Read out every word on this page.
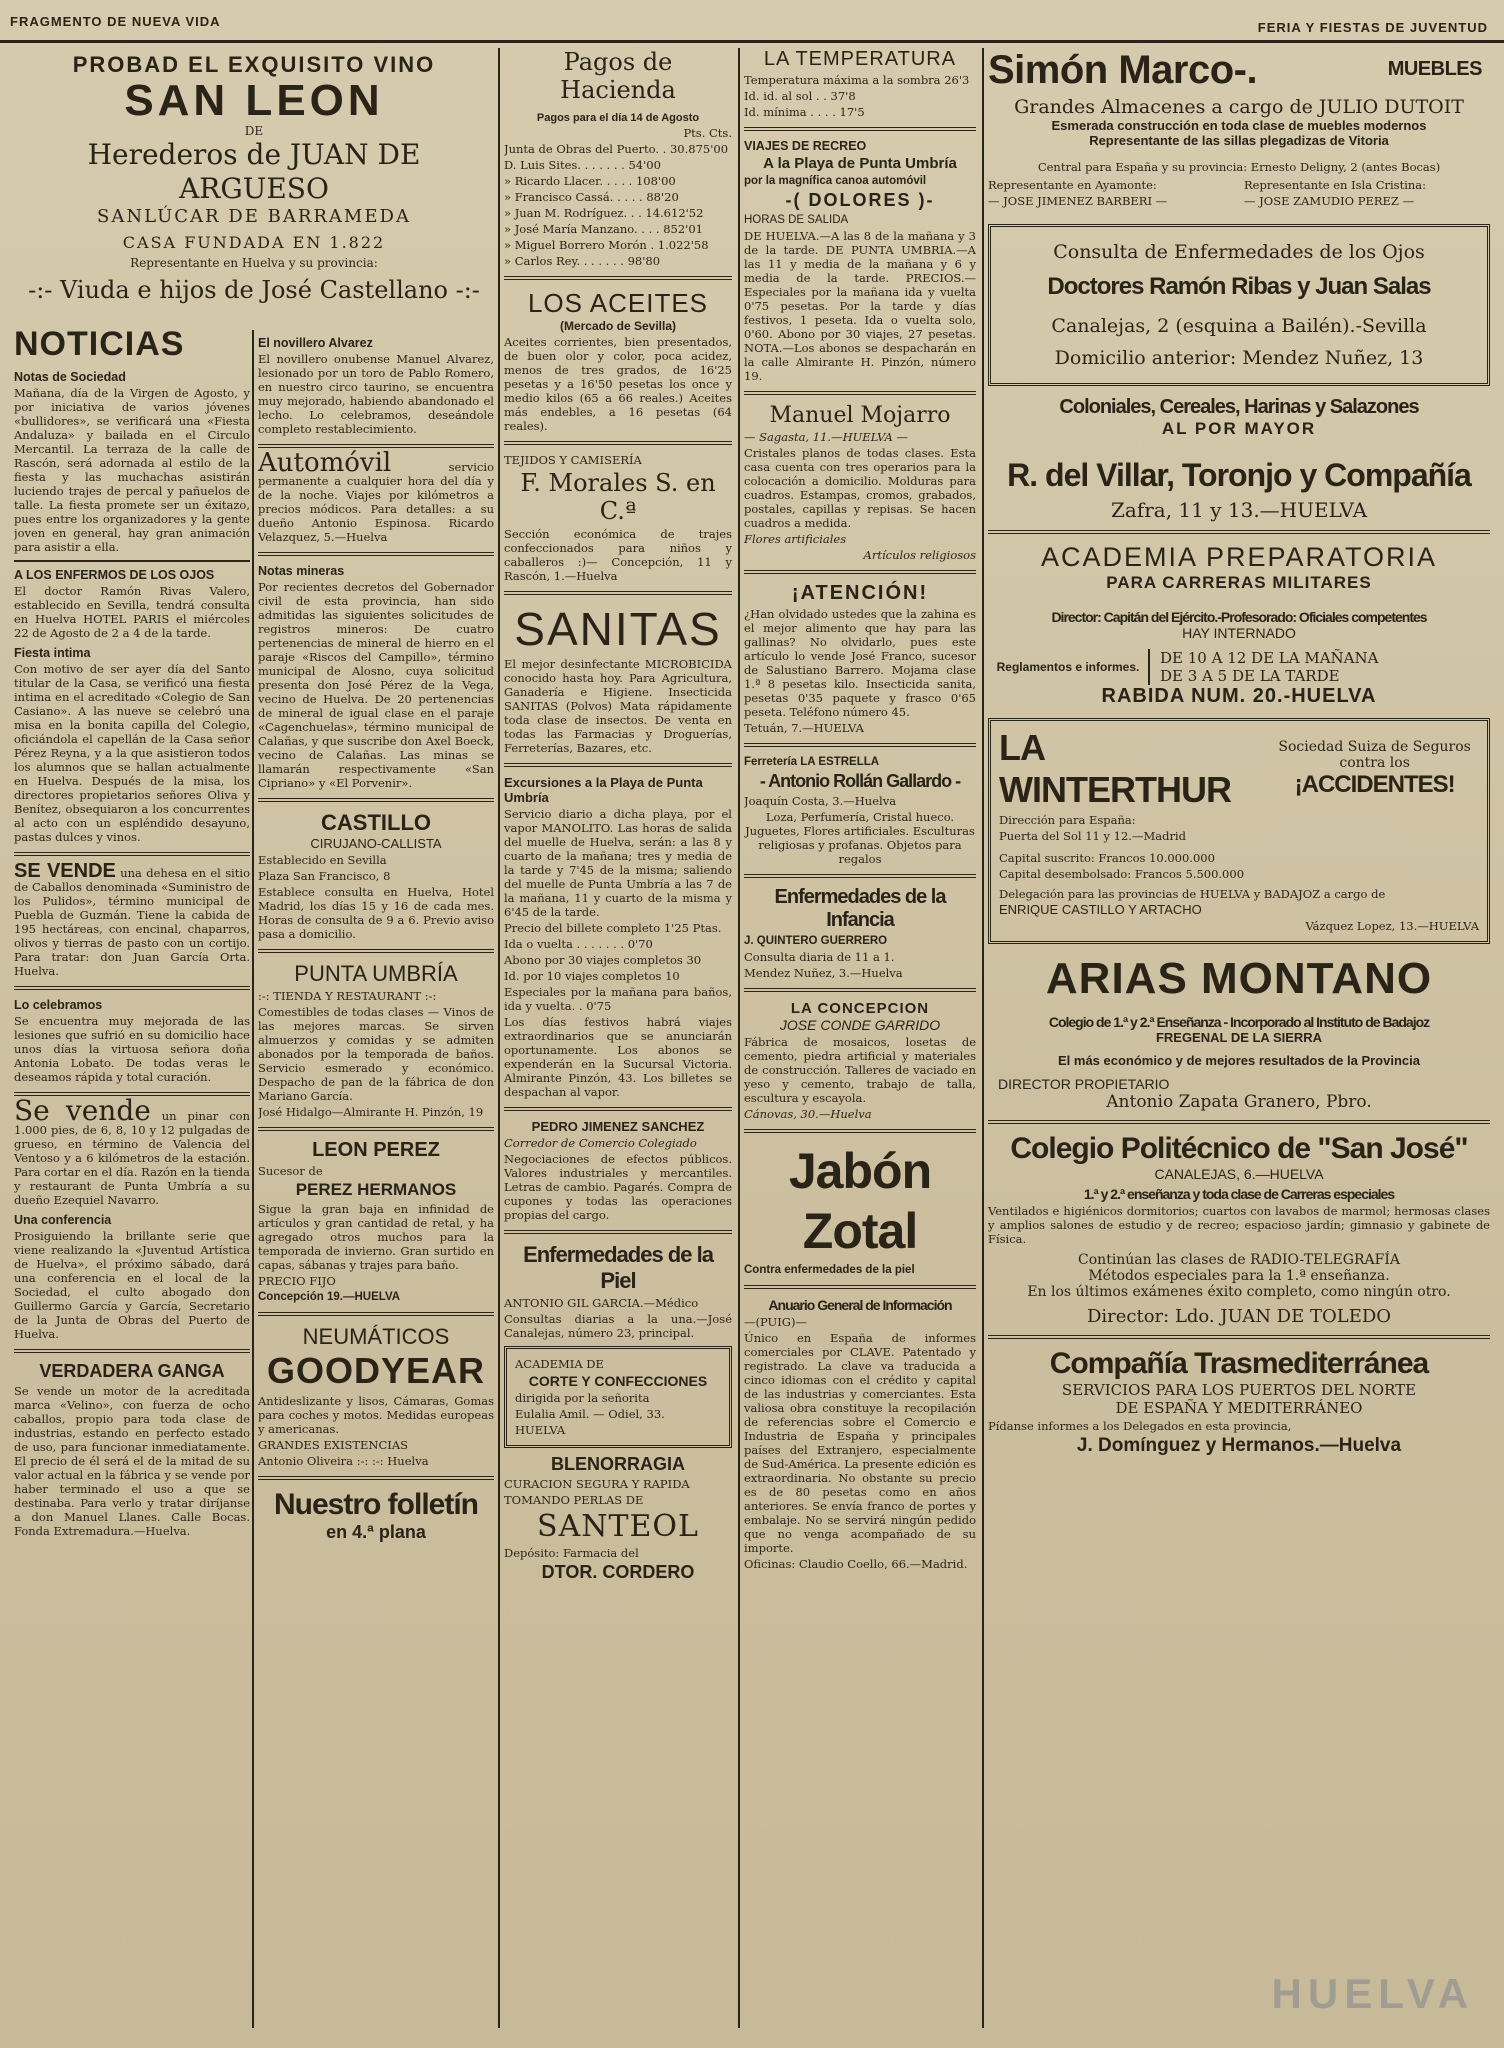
FRAGMENTO DE NUEVA VIDA	FERIA Y FIESTAS DE JUVENTUD
PROBAD EL EXQUISITO VINO
SAN LEON
DE
Herederos de JUAN DE ARGUESO
SANLÚCAR DE BARRAMEDA
CASA FUNDADA EN 1.822
Representante en Huelva y su provincia:
-:- Viuda e hijos de José Castellano -:-
NOTICIAS
Notas de Sociedad

Mañana, día de la Virgen de Agosto, y por iniciativa de varios jóvenes «bullidores», se verificará una «Fiesta Andaluza» y bailada en el Circulo Mercantil. La terraza de la calle de Rascón, será adornada al estilo de la fiesta y las muchachas asistirán luciendo trajes de percal y pañuelos de talle. La fiesta promete ser un éxitazo, pues entre los organizadores y la gente joven en general, hay gran animación para asistir a ella.

A LOS ENFERMOS DE LOS OJOS

El doctor Ramón Rivas Valero, establecido en Sevilla, tendrá consulta en Huelva HOTEL PARIS el miércoles 22 de Agosto de 2 a 4 de la tarde.

Fiesta intima

Con motivo de ser ayer día del Santo titular de la Casa, se verificó una fiesta intima en el acreditado «Colegio de San Casiano». A las nueve se celebró una misa en la bonita capilla del Colegio, oficiándola el capellán de la Casa señor Pérez Reyna, y a la que asistieron todos los alumnos que se hallan actualmente en Huelva. Después de la misa, los directores propietarios señores Oliva y Benítez, obsequiaron a los concurrentes al acto con un espléndido desayuno, pastas dulces y vinos.

SE VENDE una dehesa en el sitio de Caballos denominada «Suministro de los Pulidos», término municipal de Puebla de Guzmán. Tiene la cabida de 195 hectáreas, con encinal, chaparros, olivos y tierras de pasto con un cortijo. Para tratar: don Juan García Orta. Huelva.

Lo celebramos

Se encuentra muy mejorada de las lesiones que sufrió en su domicilio hace unos días la virtuosa señora doña Antonia Lobato. De todas veras le deseamos rápida y total curación.

Se vende un pinar con 1.000 pies, de 6, 8, 10 y 12 pulgadas de grueso, en término de Valencia del Ventoso y a 6 kilómetros de la estación. Para cortar en el día. Razón en la tienda y restaurant de Punta Umbría a su dueño Ezequiel Navarro.

Una conferencia

Prosiguiendo la brillante serie que viene realizando la «Juventud Artística de Huelva», el próximo sábado, dará una conferencia en el local de la Sociedad, el culto abogado don Guillermo García y García, Secretario de la Junta de Obras del Puerto de Huelva.

VERDADERA GANGA

Se vende un motor de la acreditada marca «Velino», con fuerza de ocho caballos, propio para toda clase de industrias, estando en perfecto estado de uso, para funcionar inmediatamente. El precio de él será el de la mitad de su valor actual en la fábrica y se vende por haber terminado el uso a que se destinaba. Para verlo y tratar diríjanse a don Manuel Llanes. Calle Bocas. Fonda Extremadura.—Huelva.

El novillero Alvarez

El novillero onubense Manuel Alvarez, lesionado por un toro de Pablo Romero, en nuestro circo taurino, se encuentra muy mejorado, habiendo abandonado el lecho. Lo celebramos, deseándole completo restablecimiento.

Automóvil	servicio permanente a cualquier hora del día y de la noche. Viajes por kilómetros a precios módicos. Para detalles: a su dueño Antonio Espinosa. Ricardo Velazquez, 5.—Huelva

Notas mineras

Por recientes decretos del Gobernador civil de esta provincia, han sido admitidas las siguientes solicitudes de registros mineros: De cuatro pertenencias de mineral de hierro en el paraje «Riscos del Campillo», término municipal de Alosno, cuya solicitud presenta don José Pérez de la Vega, vecino de Huelva. De 20 pertenencias de mineral de igual clase en el paraje «Cagenchuelas», término municipal de Calañas, y que suscribe don Axel Boeck, vecino de Calañas. Las minas se llamarán respectivamente «San Cipriano» y «El Porvenir».

CASTILLO
CIRUJANO-CALLISTA
Establecido en Sevilla
Plaza San Francisco, 8

Establece consulta en Huelva, Hotel Madrid, los días 15 y 16 de cada mes. Horas de consulta de 9 a 6. Previo aviso pasa a domicilio.

PUNTA UMBRÍA
:-: TIENDA Y RESTAURANT :-:

Comestibles de todas clases — Vinos de las mejores marcas. Se sirven almuerzos y comidas y se admiten abonados por la temporada de baños. Servicio esmerado y económico. Despacho de pan de la fábrica de don Mariano García.

José Hidalgo—Almirante H. Pinzón, 19
LEON PEREZ
Sucesor de
PEREZ HERMANOS

Sigue la gran baja en infinidad de artículos y gran cantidad de retal, y ha agregado otros muchos para la temporada de invierno. Gran surtido en capas, sábanas y trajes para baño.

PRECIO FIJO
Concepción 19.—HUELVA
NEUMÁTICOS
GOODYEAR

Antideslizante y lisos, Cámaras, Gomas para coches y motos. Medidas europeas y americanas.

GRANDES EXISTENCIAS
Antonio Oliveira :-: :-: Huelva
Nuestro folletín
en 4.ª plana
Pagos de Hacienda
Pagos para el día 14 de Agosto
Pts. Cts.
Junta de Obras del Puerto. . 30.875'00
D. Luis Sites. . . . . . . 54'00
» Ricardo Llacer. . . . . 108'00
» Francisco Cassá. . . . . 88'20
» Juan M. Rodríguez. . . 14.612'52
» José María Manzano. . . . 852'01
» Miguel Borrero Morón . 1.022'58
» Carlos Rey. . . . . . . 98'80
LOS ACEITES
(Mercado de Sevilla)

Aceites corrientes, bien presentados, de buen olor y color, poca acidez, menos de tres grados, de 16'25 pesetas y a 16'50 pesetas los once y medio kilos (65 a 66 reales.) Aceites más endebles, a 16 pesetas (64 reales).

TEJIDOS Y CAMISERÍA
F. Morales S. en C.ª

Sección económica de trajes confeccionados para niños y caballeros :)— Concepción, 11 y Rascón, 1.—Huelva

SANITAS

El mejor desinfectante MICROBICIDA conocido hasta hoy. Para Agricultura, Ganadería e Higiene. Insecticida SANITAS (Polvos) Mata rápidamente toda clase de insectos. De venta en todas las Farmacias y Droguerías, Ferreterías, Bazares, etc.

Excursiones a la Playa de Punta Umbría

Servicio diario a dicha playa, por el vapor MANOLITO. Las horas de salida del muelle de Huelva, serán: a las 8 y cuarto de la mañana; tres y media de la tarde y 7'45 de la misma; saliendo del muelle de Punta Umbría a las 7 de la mañana, 11 y cuarto de la misma y 6'45 de la tarde.

Precio del billete completo 1'25 Ptas.
Ida o vuelta . . . . . . . 0'70
Abono por 30 viajes completos 30
Id. por 10 viajes completos 10
Especiales por la mañana para baños, ida y vuelta. . 0'75

Los días festivos habrá viajes extraordinarios que se anunciarán oportunamente. Los abonos se expenderán en la Sucursal Victoria. Almirante Pinzón, 43. Los billetes se despachan al vapor.

PEDRO JIMENEZ SANCHEZ
Corredor de Comercio Colegiado

Negociaciones de efectos públicos. Valores industriales y mercantiles. Letras de cambio. Pagarés. Compra de cupones y todas las operaciones propias del cargo.

Enfermedades de la Piel
ANTONIO GIL GARCIA.—Médico

Consultas diarias a la una.—José Canalejas, número 23, principal.

ACADEMIA DE
CORTE Y CONFECCIONES
dirigida por la señorita
Eulalia Amil. — Odiel, 33.
HUELVA
BLENORRAGIA
CURACION SEGURA Y RAPIDA
TOMANDO PERLAS DE
SANTEOL
Depósito: Farmacia del
DTOR. CORDERO
LA TEMPERATURA
Temperatura máxima a la sombra 26'3
Id. id. al sol . . 37'8
Id. mínima . . . . 17'5
VIAJES DE RECREO
A la Playa de Punta Umbría
por la magnífica canoa automóvil
-( DOLORES )-
HORAS DE SALIDA

DE HUELVA.—A las 8 de la mañana y 3 de la tarde. DE PUNTA UMBRIA.—A las 11 y media de la mañana y 6 y media de la tarde. PRECIOS.—Especiales por la mañana ida y vuelta 0'75 pesetas. Por la tarde y días festivos, 1 peseta. Ida o vuelta solo, 0'60. Abono por 30 viajes, 27 pesetas. NOTA.—Los abonos se despacharán en la calle Almirante H. Pinzón, número 19.

Manuel Mojarro
— Sagasta, 11.—HUELVA —

Cristales planos de todas clases. Esta casa cuenta con tres operarios para la colocación a domicilio. Molduras para cuadros. Estampas, cromos, grabados, postales, capillas y repisas. Se hacen cuadros a medida.

Flores artificiales
Artículos religiosos
¡ATENCIÓN!

¿Han olvidado ustedes que la zahina es el mejor alimento que hay para las gallinas? No olvidarlo, pues este artículo lo vende José Franco, sucesor de Salustiano Barrero. Mojama clase 1.ª 8 pesetas kilo. Insecticida sanita, pesetas 0'35 paquete y frasco 0'65 peseta. Teléfono número 45.

Tetuán, 7.—HUELVA
Ferretería LA ESTRELLA
- Antonio Rollán Gallardo -
Joaquín Costa, 3.—Huelva

Loza, Perfumería, Cristal hueco. Juguetes, Flores artificiales. Esculturas religiosas y profanas. Objetos para regalos

Enfermedades de la Infancia
J. QUINTERO GUERRERO
Consulta diaria de 11 a 1.
Mendez Nuñez, 3.—Huelva
LA CONCEPCION
JOSE CONDE GARRIDO

Fábrica de mosaicos, losetas de cemento, piedra artificial y materiales de construcción. Talleres de vaciado en yeso y cemento, trabajo de talla, escultura y escayola.

Cánovas, 30.—Huelva
Jabón Zotal
Contra enfermedades de la piel
Anuario General de Información
—(PUIG)—

Único en España de informes comerciales por CLAVE. Patentado y registrado. La clave va traducida a cinco idiomas con el crédito y capital de las industrias y comerciantes. Esta valiosa obra constituye la recopilación de referencias sobre el Comercio e Industria de España y principales países del Extranjero, especialmente de Sud-América. La presente edición es extraordinaria. No obstante su precio es de 80 pesetas como en años anteriores. Se envía franco de portes y embalaje. No se servirá ningún pedido que no venga acompañado de su importe.

Oficinas: Claudio Coello, 66.—Madrid.
Simón Marco-.	MUEBLES
Grandes Almacenes a cargo de JULIO DUTOIT
Esmerada construcción en toda clase de muebles modernos
Representante de las sillas plegadizas de Vitoria
Central para España y su provincia: Ernesto Deligny, 2 (antes Bocas)
Representante en Ayamonte:
— JOSE JIMENEZ BARBERI —
Representante en Isla Cristina:
— JOSE ZAMUDIO PEREZ —
Consulta de Enfermedades de los Ojos
Doctores Ramón Ribas y Juan Salas
Canalejas, 2 (esquina a Bailén).-Sevilla
Domicilio anterior: Mendez Nuñez, 13
Coloniales, Cereales, Harinas y Salazones
AL POR MAYOR
R. del Villar, Toronjo y Compañía
Zafra, 11 y 13.—HUELVA
ACADEMIA PREPARATORIA
PARA CARRERAS MILITARES
Director: Capitán del Ejército.-Profesorado: Oficiales competentes
HAY INTERNADO
Reglamentos e informes.	DE 10 A 12 DE LA MAÑANA
DE 3 A 5 DE LA TARDE
RABIDA NUM. 20.-HUELVA
LA WINTERTHUR
Sociedad Suiza de Seguros contra los
¡ACCIDENTES!
Dirección para España:
Puerta del Sol 11 y 12.—Madrid
Capital suscrito: Francos 10.000.000
Capital desembolsado: Francos 5.500.000
Delegación para las provincias de HUELVA y BADAJOZ a cargo de
ENRIQUE CASTILLO Y ARTACHO
Vázquez Lopez, 13.—HUELVA
ARIAS MONTANO
Colegio de 1.ª y 2.ª Enseñanza - Incorporado al Instituto de Badajoz
FREGENAL DE LA SIERRA
El más económico y de mejores resultados de la Provincia
DIRECTOR PROPIETARIO
Antonio Zapata Granero, Pbro.
Colegio Politécnico de "San José"
CANALEJAS, 6.—HUELVA
1.ª y 2.ª enseñanza y toda clase de Carreras especiales

Ventilados e higiénicos dormitorios; cuartos con lavabos de marmol; hermosas clases y amplios salones de estudio y de recreo; espacioso jardín; gimnasio y gabinete de Física.

Continúan las clases de RADIO-TELEGRAFÍA
Métodos especiales para la 1.ª enseñanza.
En los últimos exámenes éxito completo, como ningún otro.
Director: Ldo. JUAN DE TOLEDO
Compañía Trasmediterránea
SERVICIOS PARA LOS PUERTOS DEL NORTE
DE ESPAÑA Y MEDITERRÁNEO
Pídanse informes a los Delegados en esta provincia,
J. Domínguez y Hermanos.—Huelva
HUELVA
